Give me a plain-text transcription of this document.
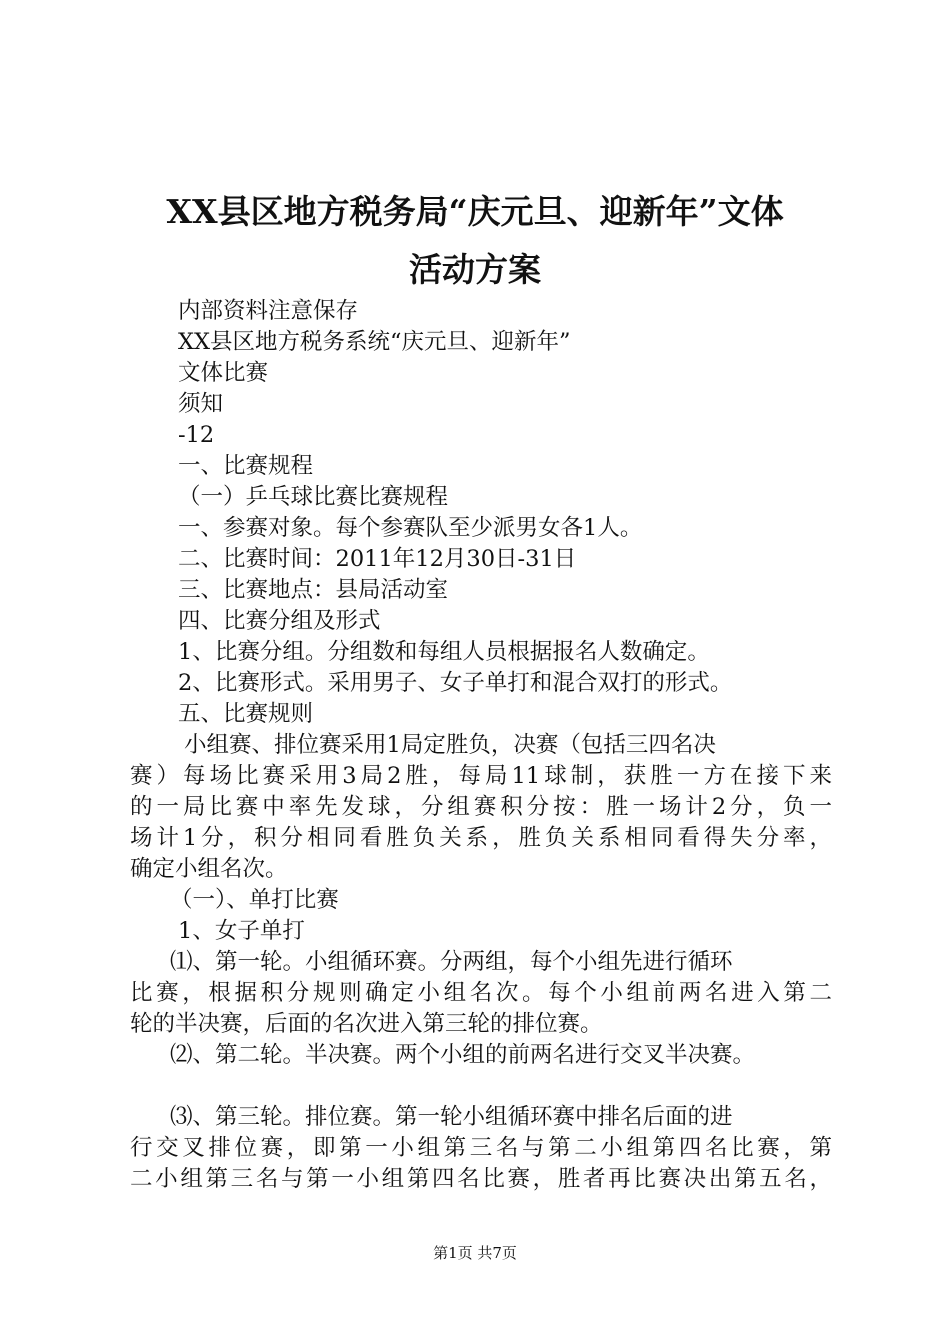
XX县区地方税务局“庆元旦、迎新年”文体
活动方案
内部资料注意保存
XX县区地方税务系统“庆元旦、迎新年”
文体比赛
须知
-12
一、比赛规程
（一）乒乓球比赛比赛规程
一、参赛对象。每个参赛队至少派男女各1人。
二、比赛时间：2011年12月30日-31日
三、比赛地点：县局活动室
四、比赛分组及形式
1、比赛分组。分组数和每组人员根据报名人数确定。
2、比赛形式。采用男子、女子单打和混合双打的形式。
五、比赛规则
小组赛、排位赛采用1局定胜负，决赛（包括三四名决
赛）每场比赛采用3局2胜，每局11球制，获胜一方在接下来
的一局比赛中率先发球，分组赛积分按：胜一场计2分，负一
场计1分，积分相同看胜负关系，胜负关系相同看得失分率，
确定小组名次。
（一）、单打比赛
1、女子单打
⑴、第一轮。小组循环赛。分两组，每个小组先进行循环
比赛，根据积分规则确定小组名次。每个小组前两名进入第二
轮的半决赛，后面的名次进入第三轮的排位赛。
⑵、第二轮。半决赛。两个小组的前两名进行交叉半决赛。
⑶、第三轮。排位赛。第一轮小组循环赛中排名后面的进
行交叉排位赛，即第一小组第三名与第二小组第四名比赛，第
二小组第三名与第一小组第四名比赛，胜者再比赛决出第五名，
第1页 共7页
